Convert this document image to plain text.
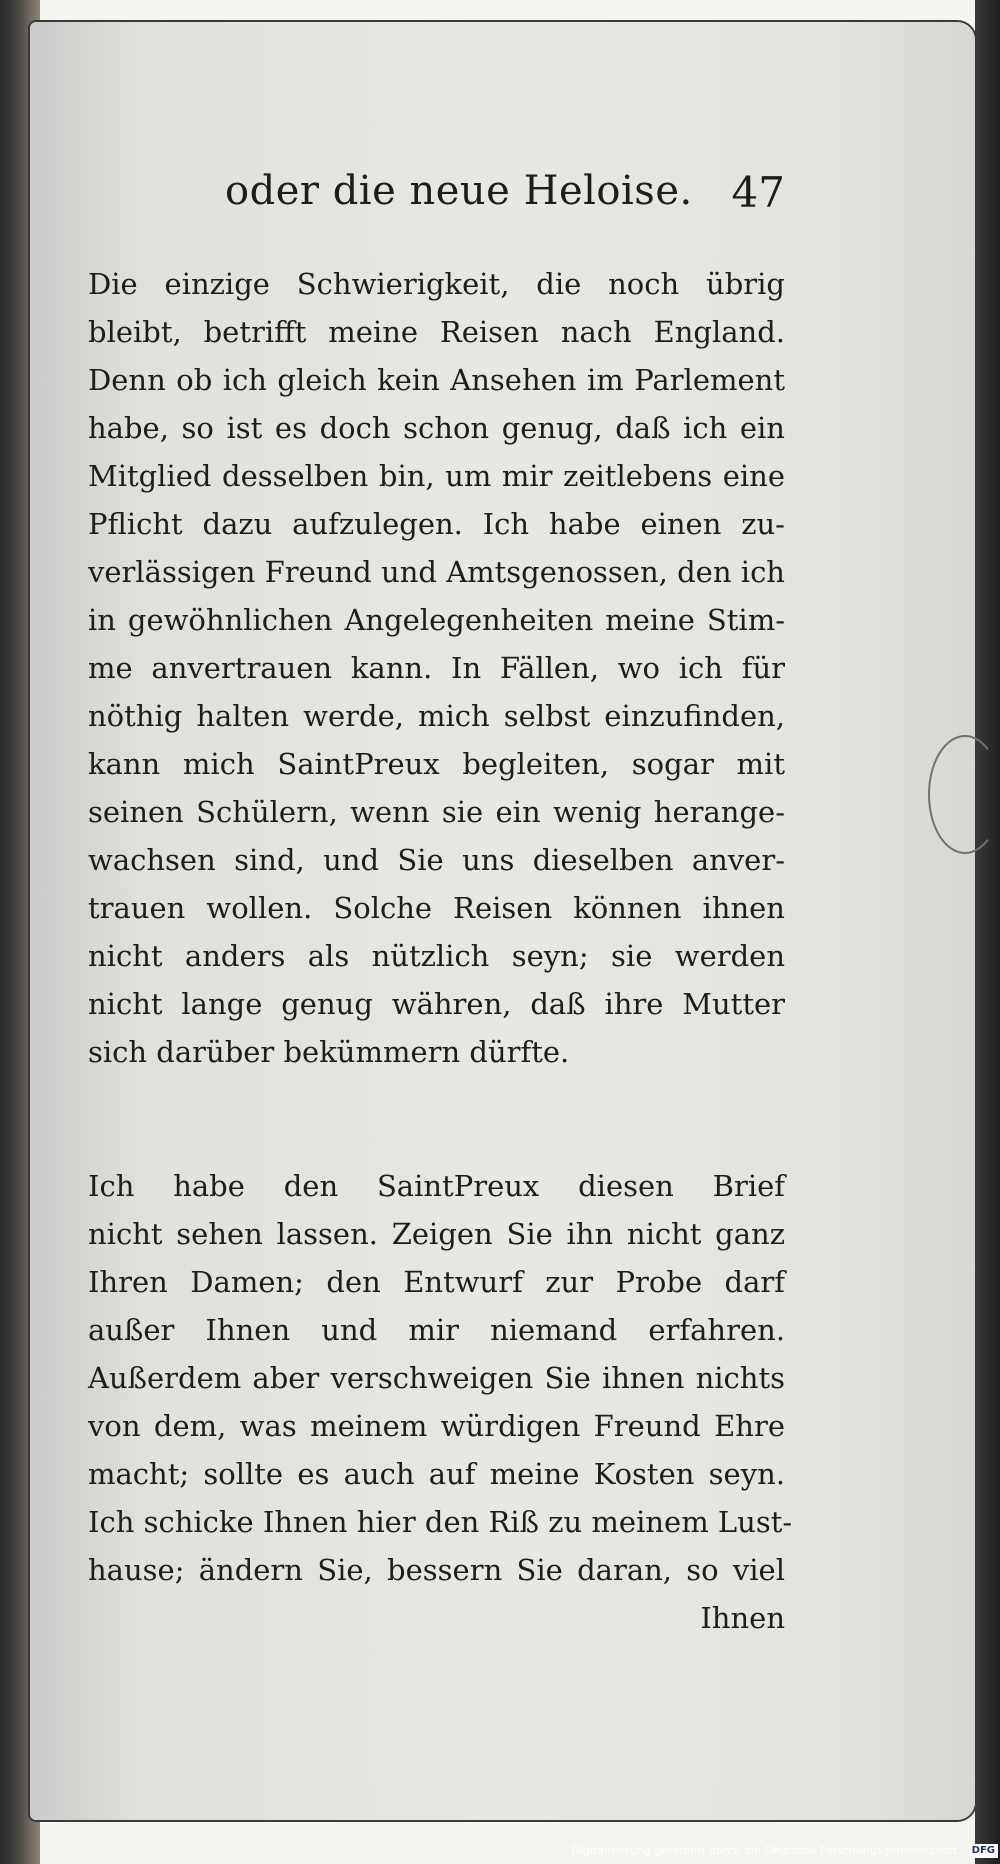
oder die neue Heloise. 47
Die einzige Schwierigkeit, die noch übrig
bleibt, betrifft meine Reisen nach England.
Denn ob ich gleich kein Ansehen im Parlement
habe, so ist es doch schon genug, daß ich ein
Mitglied desselben bin, um mir zeitlebens eine
Pflicht dazu aufzulegen. Ich habe einen zu-
verlässigen Freund und Amtsgenossen, den ich
in gewöhnlichen Angelegenheiten meine Stim-
me anvertrauen kann. In Fällen, wo ich für
nöthig halten werde, mich selbst einzufinden,
kann mich SaintPreux begleiten, sogar mit
seinen Schülern, wenn sie ein wenig herange-
wachsen sind, und Sie uns dieselben anver-
trauen wollen. Solche Reisen können ihnen
nicht anders als nützlich seyn; sie werden
nicht lange genug währen, daß ihre Mutter
sich darüber bekümmern dürfte.
Ich habe den SaintPreux diesen Brief
nicht sehen lassen. Zeigen Sie ihn nicht ganz
Ihren Damen; den Entwurf zur Probe darf
außer Ihnen und mir niemand erfahren.
Außerdem aber verschweigen Sie ihnen nichts
von dem, was meinem würdigen Freund Ehre
macht; sollte es auch auf meine Kosten seyn.
Ich schicke Ihnen hier den Riß zu meinem Lust-
hause; ändern Sie, bessern Sie daran, so viel
Ihnen
Digitalisierung gefördert durch die Deutsche Forschungsgemeinschaft - DFG
